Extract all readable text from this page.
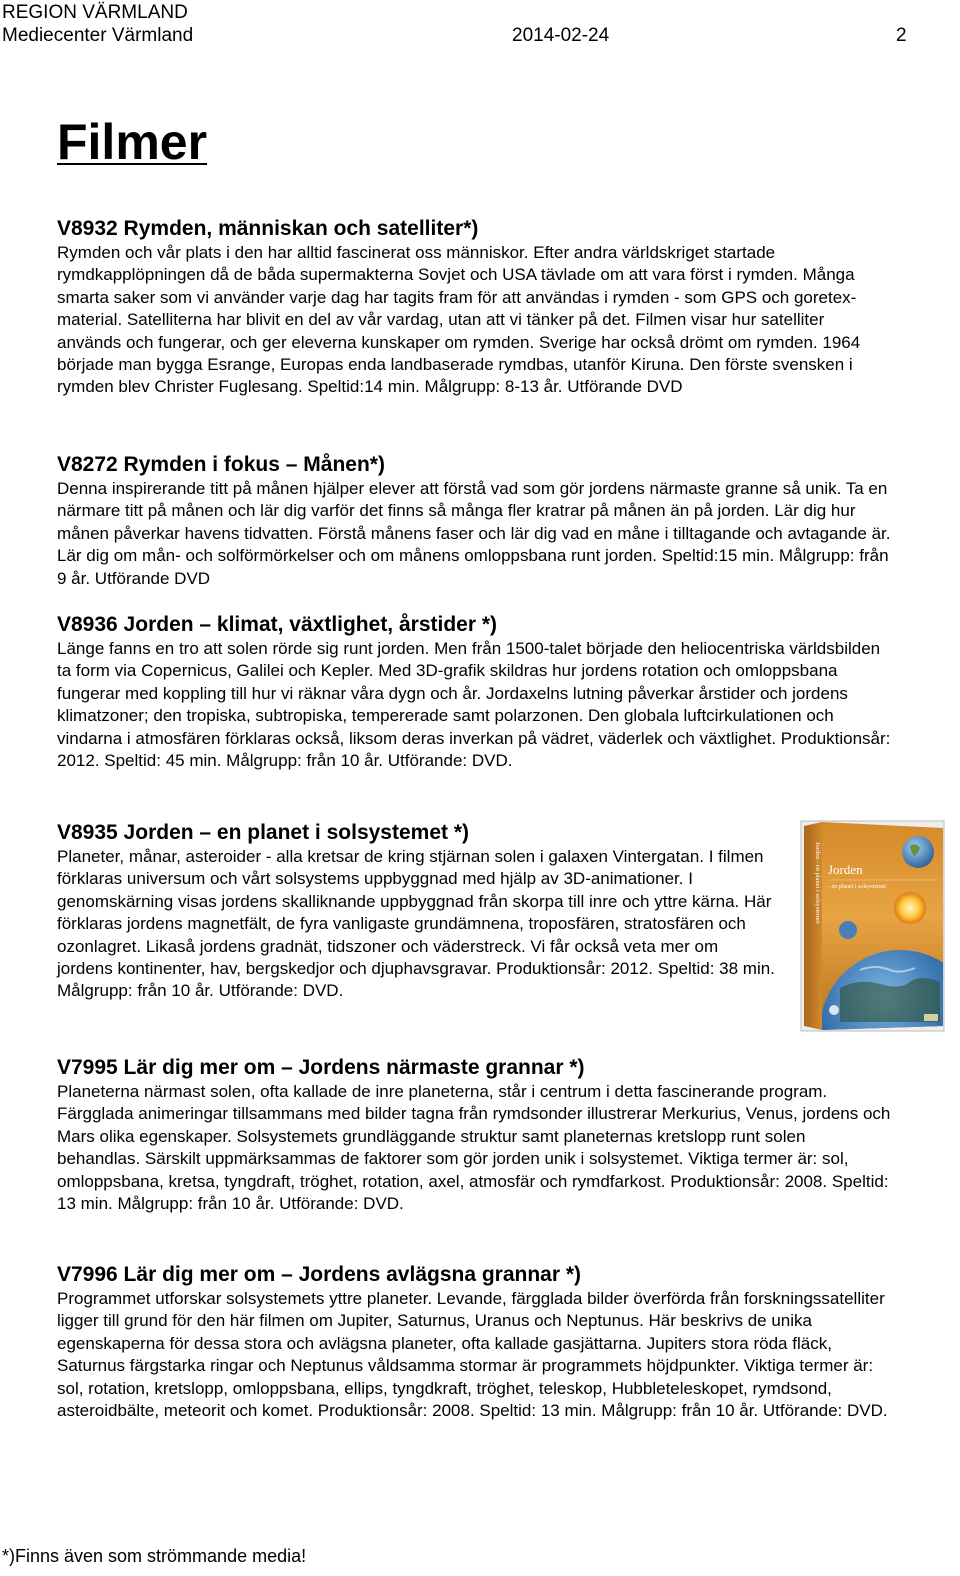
REGION VÄRMLAND
Mediecenter Värmland	2014-02-24	2
Filmer
V8932 Rymden, människan och satelliter*)

Rymden och vår plats i den har alltid fascinerat oss människor. Efter andra världskriget startade rymdkapplöpningen då de båda supermakterna Sovjet och USA tävlade om att vara först i rymden. Många smarta saker som vi använder varje dag har tagits fram för att användas i rymden - som GPS och goretex-material. Satelliterna har blivit en del av vår vardag, utan att vi tänker på det. Filmen visar hur satelliter används och fungerar, och ger eleverna kunskaper om rymden. Sverige har också drömt om rymden. 1964 började man bygga Esrange, Europas enda landbaserade rymdbas, utanför Kiruna. Den förste svensken i rymden blev Christer Fuglesang. Speltid:14 min. Målgrupp: 8-13 år. Utförande DVD

V8272 Rymden i fokus – Månen*)

Denna inspirerande titt på månen hjälper elever att förstå vad som gör jordens närmaste granne så unik. Ta en närmare titt på månen och lär dig varför det finns så många fler kratrar på månen än på jorden. Lär dig hur månen påverkar havens tidvatten. Förstå månens faser och lär dig vad en måne i tilltagande och avtagande är. Lär dig om mån- och solförmörkelser och om månens omloppsbana runt jorden. Speltid:15 min. Målgrupp: från 9 år. Utförande DVD

V8936 Jorden – klimat, växtlighet, årstider *)

Länge fanns en tro att solen rörde sig runt jorden. Men från 1500-talet började den heliocentriska världsbilden ta form via Copernicus, Galilei och Kepler. Med 3D-grafik skildras hur jordens rotation och omloppsbana fungerar med koppling till hur vi räknar våra dygn och år. Jordaxelns lutning påverkar årstider och jordens klimatzoner; den tropiska, subtropiska, tempererade samt polarzonen. Den globala luftcirkulationen och vindarna i atmosfären förklaras också, liksom deras inverkan på vädret, väderlek och växtlighet. Produktionsår: 2012. Speltid: 45 min. Målgrupp: från 10 år. Utförande: DVD.

V8935 Jorden – en planet i solsystemet *)

Planeter, månar, asteroider - alla kretsar de kring stjärnan solen i galaxen Vintergatan. I filmen förklaras universum och vårt solsystems uppbyggnad med hjälp av 3D-animationer. I genomskärning visas jordens skalliknande uppbyggnad från skorpa till inre och yttre kärna. Här förklaras jordens magnetfält, de fyra vanligaste grundämnena, troposfären, stratosfären och ozonlagret. Likaså jordens gradnät, tidszoner och väderstreck. Vi får också veta mer om jordens kontinenter, hav, bergskedjor och djuphavsgravar. Produktionsår: 2012. Speltid: 38 min. Målgrupp: från 10 år. Utförande: DVD.

Jorden
- en planet i solsystemet
Jorden - en planet i solsystemet
V7995 Lär dig mer om – Jordens närmaste grannar *)

Planeterna närmast solen, ofta kallade de inre planeterna, står i centrum i detta fascinerande program. Färgglada animeringar tillsammans med bilder tagna från rymdsonder illustrerar Merkurius, Venus, jordens och Mars olika egenskaper. Solsystemets grundläggande struktur samt planeternas kretslopp runt solen behandlas. Särskilt uppmärksammas de faktorer som gör jorden unik i solsystemet. Viktiga termer är: sol, omloppsbana, kretsa, tyngdraft, tröghet, rotation, axel, atmosfär och rymdfarkost. Produktionsår: 2008. Speltid: 13 min. Målgrupp: från 10 år. Utförande: DVD.

V7996 Lär dig mer om – Jordens avlägsna grannar *)

Programmet utforskar solsystemets yttre planeter. Levande, färgglada bilder överförda från forskningssatelliter ligger till grund för den här filmen om Jupiter, Saturnus, Uranus och Neptunus. Här beskrivs de unika egenskaperna för dessa stora och avlägsna planeter, ofta kallade gasjättarna. Jupiters stora röda fläck, Saturnus färgstarka ringar och Neptunus våldsamma stormar är programmets höjdpunkter. Viktiga termer är: sol, rotation, kretslopp, omloppsbana, ellips, tyngdkraft, tröghet, teleskop, Hubbleteleskopet, rymdsond, asteroidbälte, meteorit och komet. Produktionsår: 2008. Speltid: 13 min. Målgrupp: från 10 år. Utförande: DVD.

*)Finns även som strömmande media!
